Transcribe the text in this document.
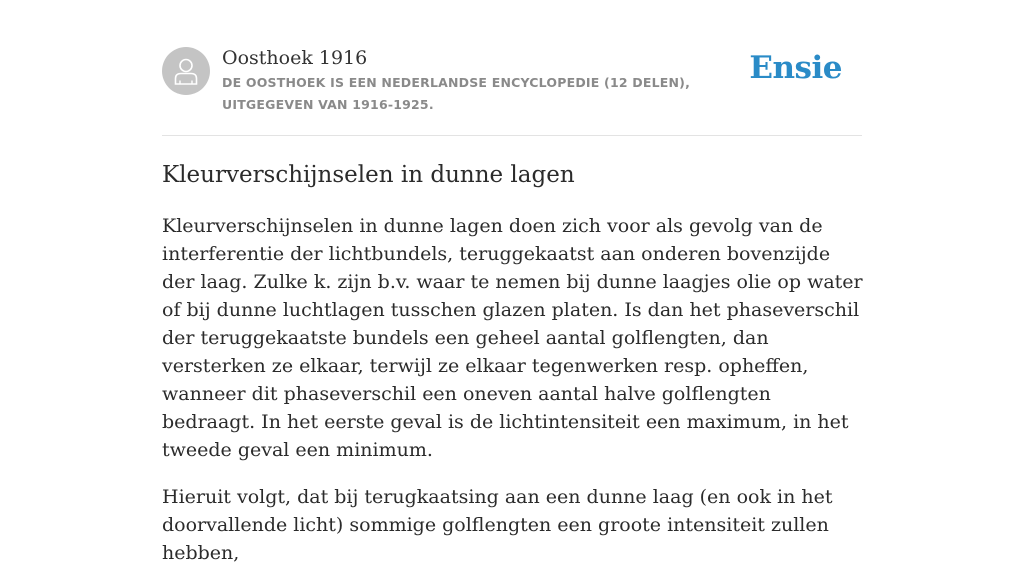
Oosthoek 1916
DE OOSTHOEK IS EEN NEDERLANDSE ENCYCLOPEDIE (12 DELEN), UITGEGEVEN VAN 1916-1925.
Ensie
Kleurverschijnselen in dunne lagen

Kleurverschijnselen in dunne lagen doen zich voor als gevolg van de interferentie der lichtbundels, teruggekaatst aan onderen bovenzijde der laag. Zulke k. zijn b.v. waar te nemen bij dunne laagjes olie op water of bij dunne luchtlagen tusschen glazen platen. Is dan het phaseverschil der teruggekaatste bundels een geheel aantal golflengten, dan versterken ze elkaar, terwijl ze elkaar tegenwerken resp. opheffen, wanneer dit phaseverschil een oneven aantal halve golflengten bedraagt. In het eerste geval is de lichtintensiteit een maximum, in het tweede geval een minimum.

Hieruit volgt, dat bij terugkaatsing aan een dunne laag (en ook in het doorvallende licht) sommige golflengten een groote intensiteit zullen hebben,
